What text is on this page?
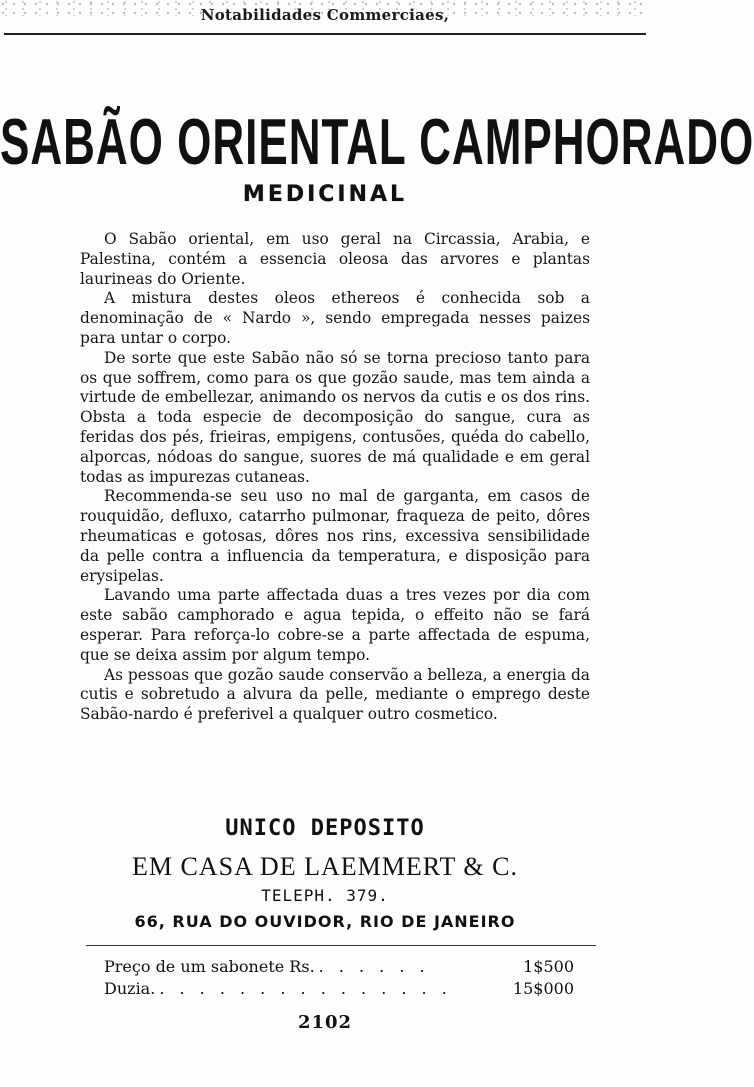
Notabilidades Commerciaes,
SABÃO ORIENTAL CAMPHORADO
MEDICINAL

O Sabão oriental, em uso geral na Circassia, Arabia, e Palestina, contém a essencia oleosa das arvores e plantas laurineas do Oriente.

A mistura destes oleos ethereos é conhecida sob a denominação de « Nardo », sendo empregada nesses paizes para untar o corpo.

De sorte que este Sabão não só se torna precioso tanto para os que soffrem, como para os que gozão saude, mas tem ainda a virtude de embellezar, animando os nervos da cutis e os dos rins. Obsta a toda especie de decomposição do sangue, cura as feridas dos pés, frieiras, empigens, contusões, quéda do cabello, alporcas, nódoas do sangue, suores de má qualidade e em geral todas as impurezas cutaneas.

Recommenda-se seu uso no mal de garganta, em casos de rouquidão, defluxo, catarrho pulmonar, fraqueza de peito, dôres rheumaticas e gotosas, dôres nos rins, excessiva sensibilidade da pelle contra a influencia da temperatura, e disposição para erysipelas.

Lavando uma parte affectada duas a tres vezes por dia com este sabão camphorado e agua tepida, o effeito não se fará esperar. Para reforça-lo cobre-se a parte affectada de espuma, que se deixa assim por algum tempo.

As pessoas que gozão saude conservão a belleza, a energia da cutis e sobretudo a alvura da pelle, mediante o emprego deste Sabão-nardo é preferivel a qualquer outro cosmetico.

UNICO DEPOSITO
EM CASA DE LAEMMERT & C.
TELEPH. 379.
66, RUA DO OUVIDOR, RIO DE JANEIRO
Preço de um sabonete Rs. . . . . . .	1$500
Duzia. . . . . . . . . . . . . . . .	15$000
2102
